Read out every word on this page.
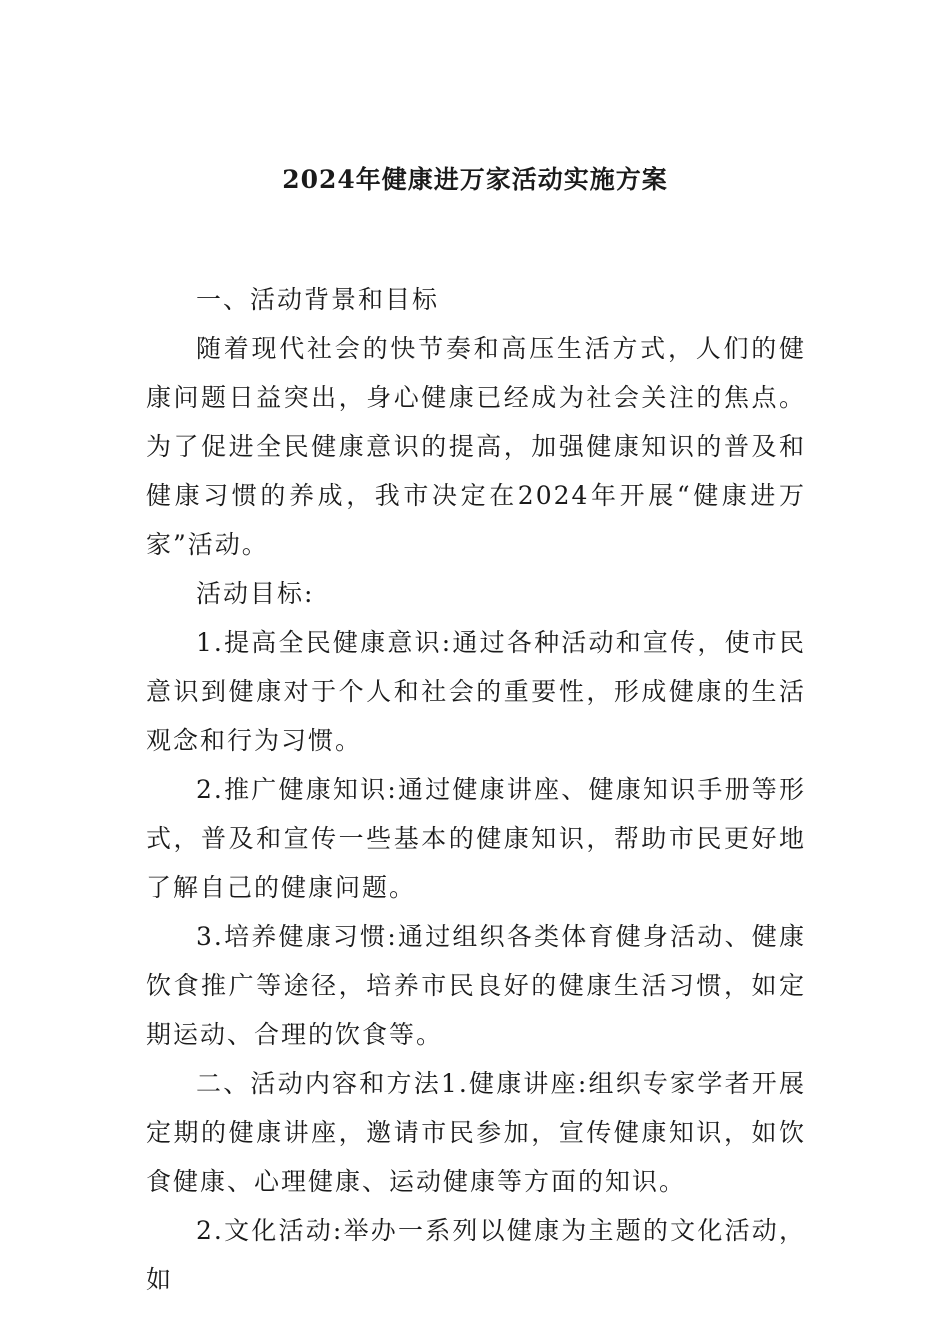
2024年健康进万家活动实施方案

一、活动背景和目标

随着现代社会的快节奏和高压生活方式，人们的健康问题日益突出，身心健康已经成为社会关注的焦点。为了促进全民健康意识的提高，加强健康知识的普及和健康习惯的养成，我市决定在2024年开展“健康进万家”活动。

活动目标:

1.提高全民健康意识:通过各种活动和宣传，使市民意识到健康对于个人和社会的重要性，形成健康的生活观念和行为习惯。

2.推广健康知识:通过健康讲座、健康知识手册等形式，普及和宣传一些基本的健康知识，帮助市民更好地了解自己的健康问题。

3.培养健康习惯:通过组织各类体育健身活动、健康饮食推广等途径，培养市民良好的健康生活习惯，如定期运动、合理的饮食等。

二、活动内容和方法1.健康讲座:组织专家学者开展定期的健康讲座，邀请市民参加，宣传健康知识，如饮食健康、心理健康、运动健康等方面的知识。

2.文化活动:举办一系列以健康为主题的文化活动，如
